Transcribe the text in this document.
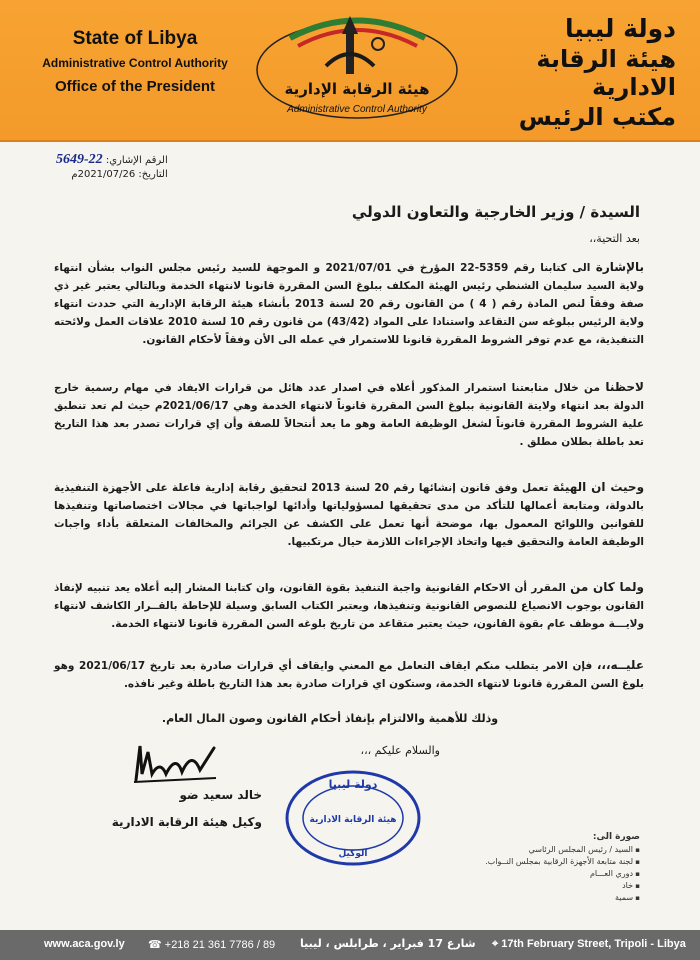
State of Libya
Administrative Control Authority
Office of the President	هيئة الرقابة الإدارية
Administrative Control Authority
دولة ليبيا
هيئة الرقابة الادارية
مكتب الرئيس
الرقم الإشاري: 22-5649
التاريخ: 2021/07/26م
السيدة / وزير الخارجية والتعاون الدولي
بعد التحية،،
بالإشارة الى كتابنا رقم 5359-22 المؤرخ في 2021/07/01 و الموجهة للسيد رئيس مجلس النواب بشأن انتهاء ولاية السيد سليمان الشنطي رئيس الهيئة المكلف ببلوغ السن المقررة قانونا لانتهاء الخدمة وبالتالي يعتبر غير ذي صفة وفقاً لنص المادة رقم ( 4 ) من القانون رقم 20 لسنة 2013 بأنشاء هيئة الرقابة الإدارية التي حددت انتهاء ولاية الرئيس ببلوغه سن التقاعد واستنادا على المواد (43/42) من قانون رقم 10 لسنة 2010 علاقات العمل ولائحته التنفيذية، مع عدم توفر الشروط المقررة قانونا للاستمرار في عمله الى الأن وفقاً لأحكام القانون.
لاحظنا من خلال متابعتنا استمرار المذكور أعلاه في اصدار عدد هائل من قرارات الايفاد في مهام رسمية خارج الدولة بعد انتهاء ولايتة القانونية ببلوغ السن المقررة قانوناً لانتهاء الخدمة وهي 2021/06/17م حيث لم تعد تنطبق علية الشروط المقررة قانوناً لشغل الوظيفة العامة وهو ما يعد أنتحالاً للصفة وأن إي قرارات تصدر بعد هذا التاريخ تعد باطلة بطلان مطلق .
وحيث ان الهيئة تعمل وفق قانون إنشائها رقم 20 لسنة 2013 لتحقيق رقابة إدارية فاعلة على الأجهزة التنفيذية بالدولة، ومتابعة أعمالها للتأكد من مدى تحقيقها لمسؤولياتها وأدائها لواجباتها في مجالات اختصاصاتها وتنفيذها للقوانين واللوائح المعمول بها، موضحة أنها تعمل على الكشف عن الجرائم والمخالفات المتعلقة بأداء واجبات الوظيفة العامة والتحقيق فيها واتخاذ الإجراءات اللازمة حيال مرتكبيها.
ولما كان من المقرر أن الاحكام القانونية واجبة التنفيذ بقوة القانون، وان كتابنا المشار إليه أعلاه يعد تنبيه لإنفاذ القانون بوجوب الانصياع للنصوص القانونية وتنفيذها، ويعتبر الكتاب السابق وسيلة للإحاطة بالقــرار الكاشف لانتهاء ولايـــة موظف عام بقوة القانون، حيث يعتبر متقاعد من تاريخ بلوغه السن المقررة قانونا لانتهاء الخدمة.
عليــه،،، فإن الامر يتطلب منكم ايقاف التعامل مع المعني وايقاف أي قرارات صادرة بعد تاريخ 2021/06/17 وهو بلوغ السن المقررة قانونا لانتهاء الخدمة، وستكون اي قرارات صادرة بعد هذا التاريخ باطلة وغير نافذه.
وذلك للأهمية والالتزام بإنفاذ أحكام القانون وصون المال العام.
والسلام عليكم ،،،
خالد سعيد ضو
وكيل هيئة الرقابة الادارية
دولة ليبيا
هيئة الرقابة الادارية
الوكيل
صورة الى:
▪ السيد / رئيس المجلس الرئاسي
▪ لجنة متابعة الأجهزة الرقابية بمجلس النــواب.
▪ دوري العـــام
▪ خاد
▪ سمية
www.aca.gov.ly ☎ +218 21 361 7786 / 89 شارع 17 فبراير ، طرابلس ، ليبيا ⌖ 17th February Street, Tripoli - Libya
